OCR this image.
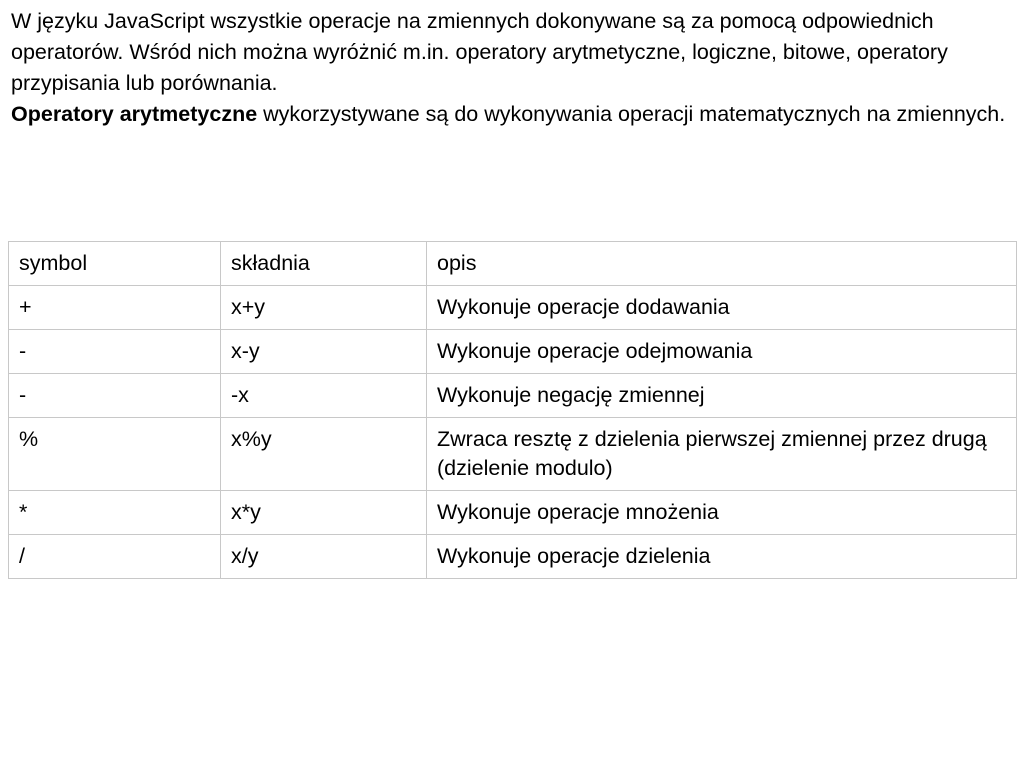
W języku JavaScript wszystkie operacje na zmiennych dokonywane są za pomocą odpowiednich operatorów. Wśród nich można wyróżnić m.in. operatory arytmetyczne, logiczne, bitowe, operatory przypisania lub porównania.

Operatory arytmetyczne wykorzystywane są do wykonywania operacji matematycznych na zmiennych.

symbol	składnia	opis
+	x+y	Wykonuje operacje dodawania
-	x-y	Wykonuje operacje odejmowania
-	-x	Wykonuje negację zmiennej
%	x%y	Zwraca resztę z dzielenia pierwszej zmiennej przez drugą (dzielenie modulo)
*	x*y	Wykonuje operacje mnożenia
/	x/y	Wykonuje operacje dzielenia
